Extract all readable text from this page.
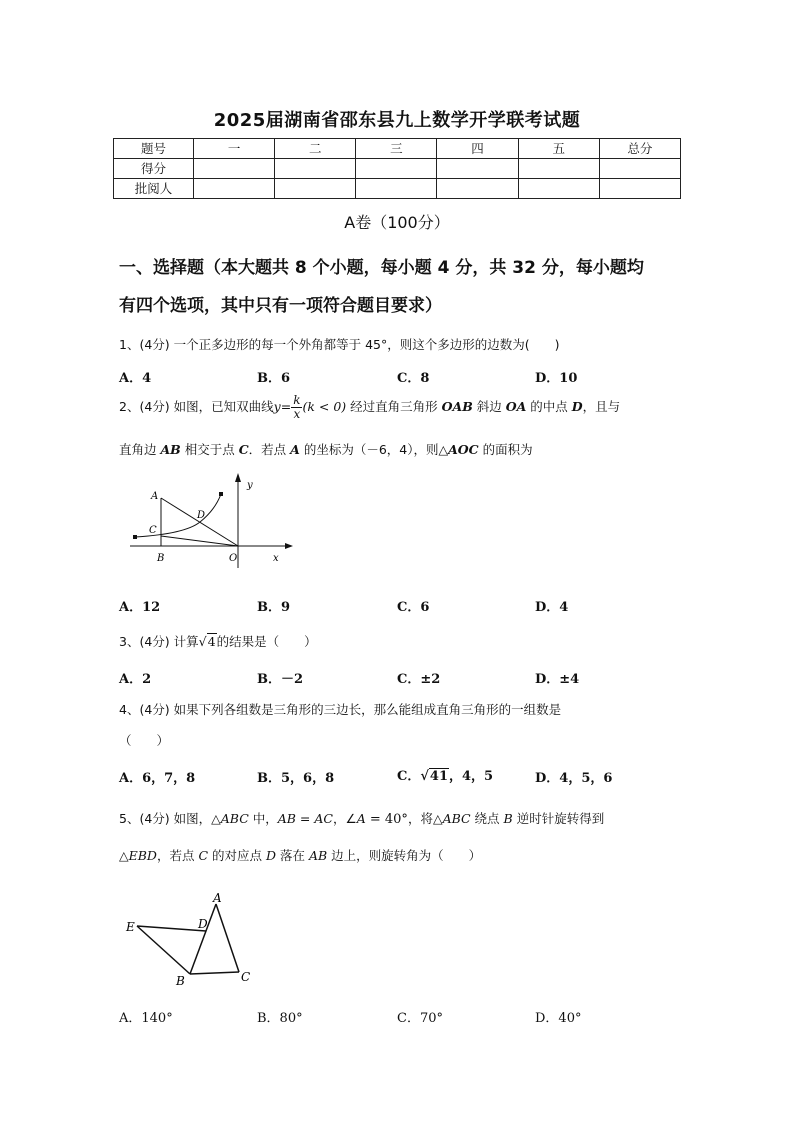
2025届湖南省邵东县九上数学开学联考试题
题号	一	二	三	四	五	总分
得分						
批阅人						
A卷（100分）
一、选择题（本大题共 8 个小题，每小题 4 分，共 32 分，每小题均
有四个选项，其中只有一项符合题目要求）
1、(4分) 一个正多边形的每一个外角都等于 45°，则这个多边形的边数为(　　)
A．4	B．6	C．8	D．10
2、(4分) 如图，已知双曲线$y= \frac{k}{x} (k < 0)$ 经过直角三角形 OAB 斜边 OA 的中点 D，且与
直角边 AB 相交于点 C．若点 A 的坐标为（－6，4），则△AOC 的面积为
A
C
D
B	O	x
y
A．12	B．9	C．6	D．4
3、(4分) 计算√4的结果是（　　）
A．2	B．－2	C．±2	D．±4
4、(4分) 如果下列各组数是三角形的三边长，那么能组成直角三角形的一组数是
（　　）
A．6，7，8	B．5，6，8	C．√41，4，5	D．4，5，6
5、(4分) 如图，△ABC 中，AB = AC，∠A = 40°，将△ABC 绕点 B 逆时针旋转得到
△EBD，若点 C 的对应点 D 落在 AB 边上，则旋转角为（　　）
A
D
E
B	C
A．140°	B．80°	C．70°	D．40°
